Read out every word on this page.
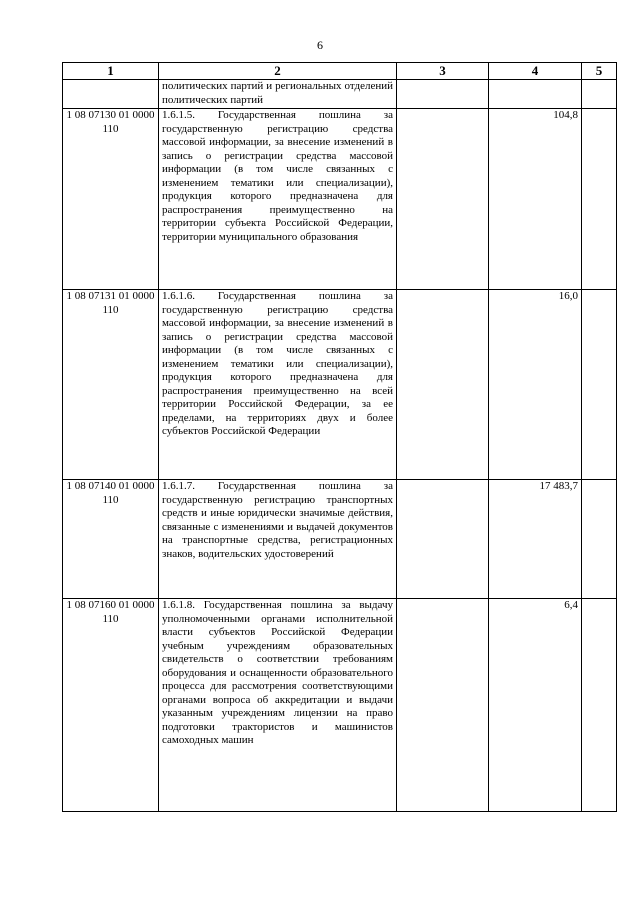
6
1	2	3	4	5
	политических партий и региональных отделений политических партий			
1 08 07130 01 0000 110	1.6.1.5. Государственная пошлина за государственную регистрацию средства массовой информации, за внесение изменений в запись о регистрации средства массовой информации (в том числе связанных с изменением тематики или специализации), продукция которого предназначена для распространения преимущественно на территории субъекта Российской Федерации, территории муниципального образования		104,8	
1 08 07131 01 0000 110	1.6.1.6. Государственная пошлина за государственную регистрацию средства массовой информации, за внесение изменений в запись о регистрации средства массовой информации (в том числе связанных с изменением тематики или специализации), продукция которого предназначена для распространения преимущественно на всей территории Российской Федерации, за ее пределами, на территориях двух и более субъектов Российской Федерации		16,0	
1 08 07140 01 0000 110	1.6.1.7. Государственная пошлина за государственную регистрацию транспортных средств и иные юридически значимые действия, связанные с изменениями и выдачей документов на транспортные средства, регистрационных знаков, водительских удостоверений		17 483,7	
1 08 07160 01 0000 110	1.6.1.8. Государственная пошлина за выдачу уполномоченными органами исполнительной власти субъектов Российской Федерации учебным учреждениям образовательных свидетельств о соответствии требованиям оборудования и оснащенности образовательного процесса для рассмотрения соответствующими органами вопроса об аккредитации и выдачи указанным учреждениям лицензии на право подготовки трактористов и машинистов самоходных машин		6,4	
